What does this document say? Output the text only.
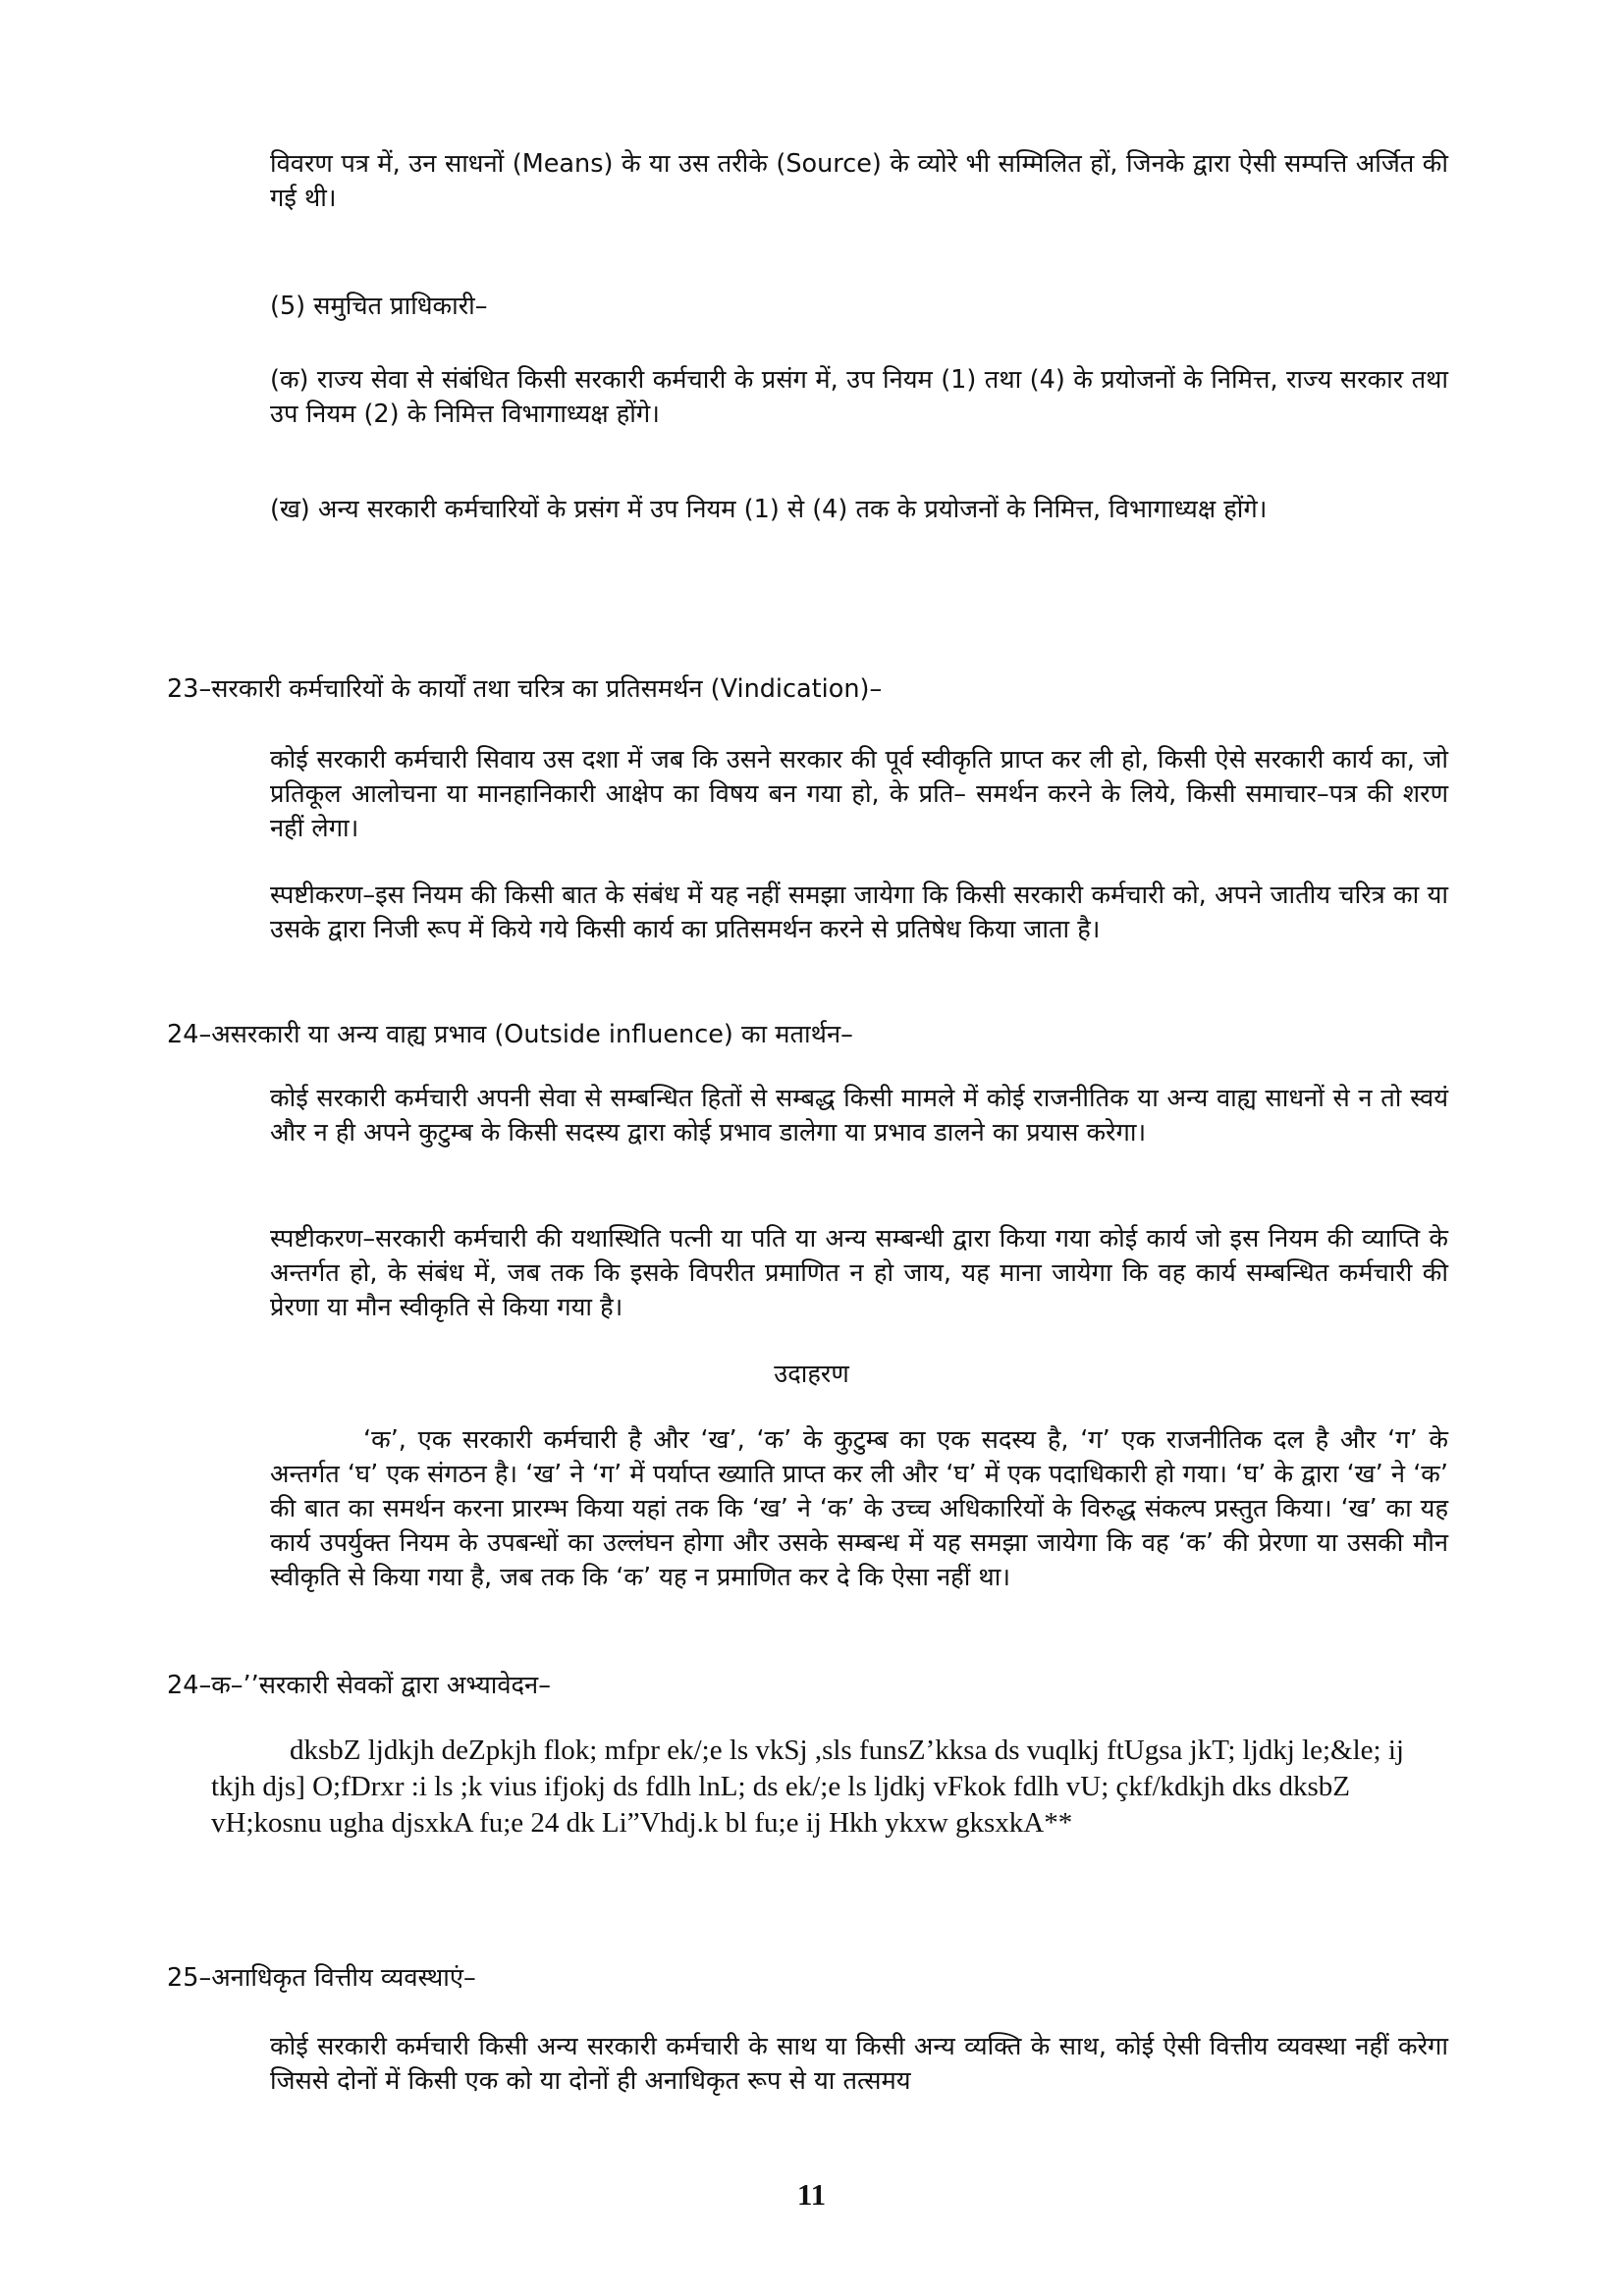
विवरण पत्र में, उन साधनों (Means) के या उस तरीके (Source) के व्योरे भी सम्मिलित हों, जिनके द्वारा ऐसी सम्पत्ति अर्जित की गई थी।

(5) समुचित प्राधिकारी–

(क) राज्य सेवा से संबंधित किसी सरकारी कर्मचारी के प्रसंग में, उप नियम (1) तथा (4) के प्रयोजनों के निमित्त, राज्य सरकार तथा उप नियम (2) के निमित्त विभागाध्यक्ष होंगे।

(ख) अन्य सरकारी कर्मचारियों के प्रसंग में उप नियम (1) से (4) तक के प्रयोजनों के निमित्त, विभागाध्यक्ष होंगे।

23–सरकारी कर्मचारियों के कार्यों तथा चरित्र का प्रतिसमर्थन (Vindication)–

कोई सरकारी कर्मचारी सिवाय उस दशा में जब कि उसने सरकार की पूर्व स्वीकृति प्राप्त कर ली हो, किसी ऐसे सरकारी कार्य का, जो प्रतिकूल आलोचना या मानहानिकारी आक्षेप का विषय बन गया हो, के प्रति– समर्थन करने के लिये, किसी समाचार–पत्र की शरण नहीं लेगा।

स्पष्टीकरण–इस नियम की किसी बात के संबंध में यह नहीं समझा जायेगा कि किसी सरकारी कर्मचारी को, अपने जातीय चरित्र का या उसके द्वारा निजी रूप में किये गये किसी कार्य का प्रतिसमर्थन करने से प्रतिषेध किया जाता है।

24–असरकारी या अन्य वाह्य प्रभाव (Outside influence) का मतार्थन–

कोई सरकारी कर्मचारी अपनी सेवा से सम्बन्धित हितों से सम्बद्ध किसी मामले में कोई राजनीतिक या अन्य वाह्य साधनों से न तो स्वयं और न ही अपने कुटुम्ब के किसी सदस्य द्वारा कोई प्रभाव डालेगा या प्रभाव डालने का प्रयास करेगा।

स्पष्टीकरण–सरकारी कर्मचारी की यथास्थिति पत्नी या पति या अन्य सम्बन्धी द्वारा किया गया कोई कार्य जो इस नियम की व्याप्ति के अन्तर्गत हो, के संबंध में, जब तक कि इसके विपरीत प्रमाणित न हो जाय, यह माना जायेगा कि वह कार्य सम्बन्धित कर्मचारी की प्रेरणा या मौन स्वीकृति से किया गया है।

उदाहरण

‘क’, एक सरकारी कर्मचारी है और ‘ख’, ‘क’ के कुटुम्ब का एक सदस्य है, ‘ग’ एक राजनीतिक दल है और ‘ग’ के अन्तर्गत ‘घ’ एक संगठन है। ‘ख’ ने ‘ग’ में पर्याप्त ख्याति प्राप्त कर ली और ‘घ’ में एक पदाधिकारी हो गया। ‘घ’ के द्वारा ‘ख’ ने ‘क’ की बात का समर्थन करना प्रारम्भ किया यहां तक कि ‘ख’ ने ‘क’ के उच्च अधिकारियों के विरुद्ध संकल्प प्रस्तुत किया। ‘ख’ का यह कार्य उपर्युक्त नियम के उपबन्धों का उल्लंघन होगा और उसके सम्बन्ध में यह समझा जायेगा कि वह ‘क’ की प्रेरणा या उसकी मौन स्वीकृति से किया गया है, जब तक कि ‘क’ यह न प्रमाणित कर दे कि ऐसा नहीं था।

24–क–’’सरकारी सेवकों द्वारा अभ्यावेदन–

dksbZ ljdkjh deZpkjh flok; mfpr ek/;e ls vkSj ,sls funsZ’kksa ds vuqlkj ftUgsa jkT; ljdkj le;&le; ij tkjh djs] O;fDrxr :i ls ;k vius ifjokj ds fdlh lnL; ds ek/;e ls ljdkj vFkok fdlh vU; çkf/kdkjh dks dksbZ vH;kosnu ugha djsxkA fu;e 24 dk Li”Vhdj.k bl fu;e ij Hkh ykxw gksxkA**

25–अनाधिकृत वित्तीय व्यवस्थाएं–

कोई सरकारी कर्मचारी किसी अन्य सरकारी कर्मचारी के साथ या किसी अन्य व्यक्ति के साथ, कोई ऐसी वित्तीय व्यवस्था नहीं करेगा जिससे दोनों में किसी एक को या दोनों ही अनाधिकृत रूप से या तत्समय

11
